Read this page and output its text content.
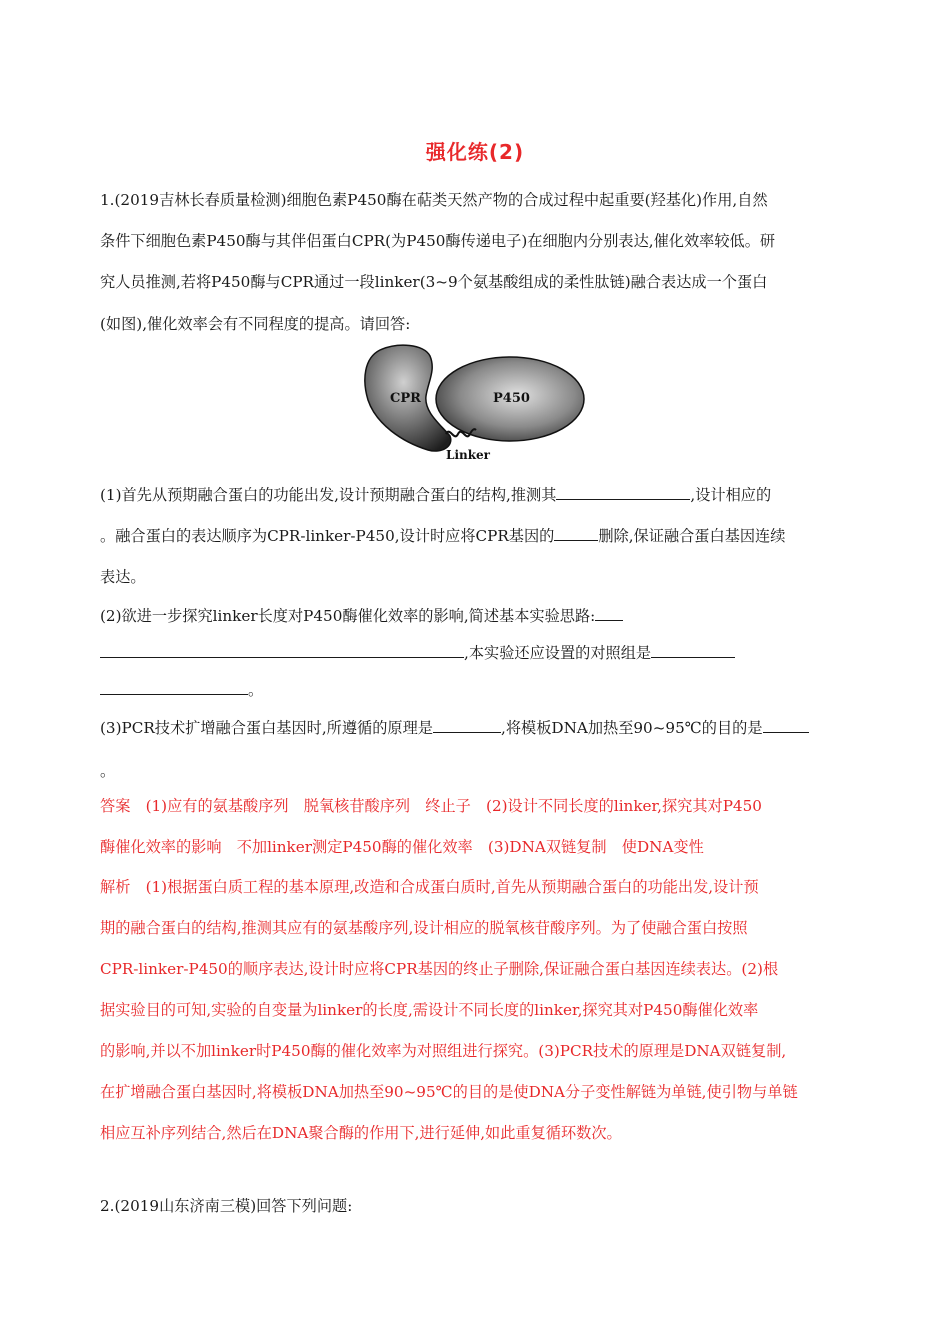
强化练(2)
1.(2019吉林长春质量检测)细胞色素P450酶在萜类天然产物的合成过程中起重要(羟基化)作用,自然
条件下细胞色素P450酶与其伴侣蛋白CPR(为P450酶传递电子)在细胞内分别表达,催化效率较低。研
究人员推测,若将P450酶与CPR通过一段linker(3~9个氨基酸组成的柔性肽链)融合表达成一个蛋白
(如图),催化效率会有不同程度的提高。请回答:
CPR	P450
Linker
(1)首先从预期融合蛋白的功能出发,设计预期融合蛋白的结构,推测其	,设计相应的
。融合蛋白的表达顺序为CPR-linker-P450,设计时应将CPR基因的	删除,保证融合蛋白基因连续
表达。
(2)欲进一步探究linker长度对P450酶催化效率的影响,简述基本实验思路:
,本实验还应设置的对照组是
。
(3)PCR技术扩增融合蛋白基因时,所遵循的原理是	,将模板DNA加热至90~95℃的目的是
。
答案　(1)应有的氨基酸序列　脱氧核苷酸序列　终止子　(2)设计不同长度的linker,探究其对P450
酶催化效率的影响　不加linker测定P450酶的催化效率　(3)DNA双链复制　使DNA变性
解析　(1)根据蛋白质工程的基本原理,改造和合成蛋白质时,首先从预期融合蛋白的功能出发,设计预
期的融合蛋白的结构,推测其应有的氨基酸序列,设计相应的脱氧核苷酸序列。为了使融合蛋白按照
CPR-linker-P450的顺序表达,设计时应将CPR基因的终止子删除,保证融合蛋白基因连续表达。(2)根
据实验目的可知,实验的自变量为linker的长度,需设计不同长度的linker,探究其对P450酶催化效率
的影响,并以不加linker时P450酶的催化效率为对照组进行探究。(3)PCR技术的原理是DNA双链复制,
在扩增融合蛋白基因时,将模板DNA加热至90~95℃的目的是使DNA分子变性解链为单链,使引物与单链
相应互补序列结合,然后在DNA聚合酶的作用下,进行延伸,如此重复循环数次。
2.(2019山东济南三模)回答下列问题:
